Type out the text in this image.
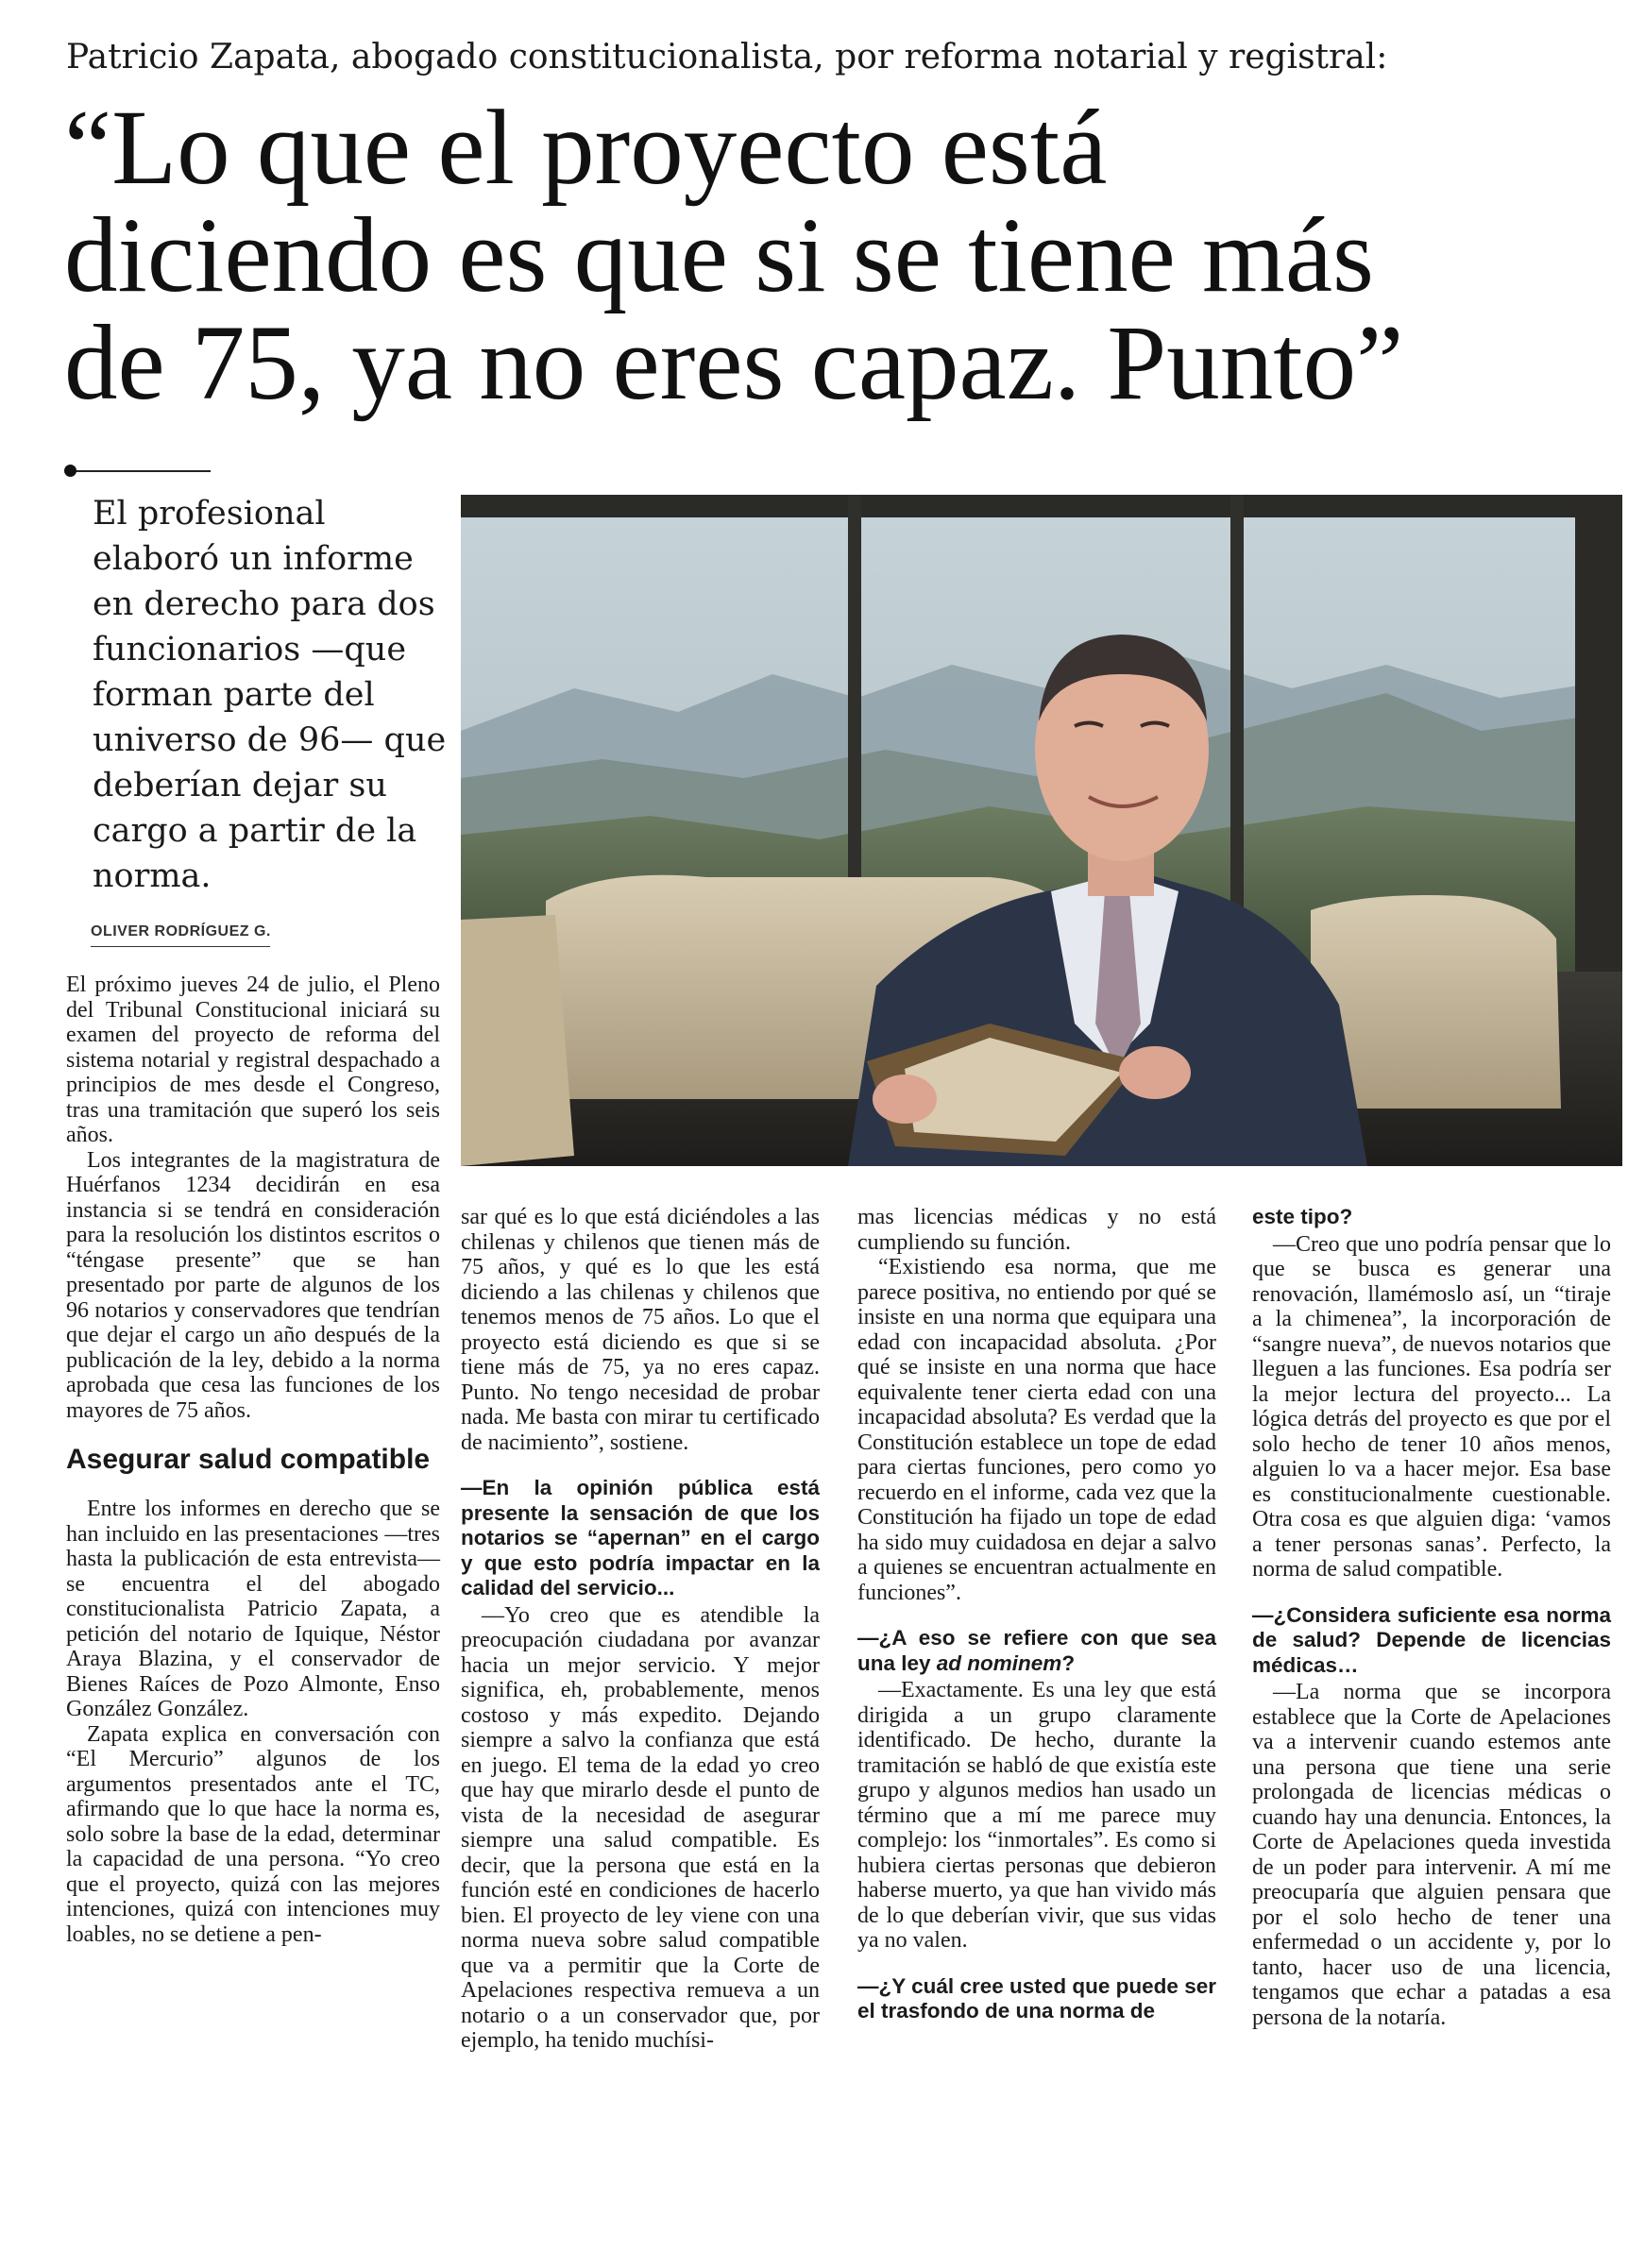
Patricio Zapata, abogado constitucionalista, por reforma notarial y registral:
“Lo que el proyecto está
diciendo es que si se tiene más
de 75, ya no eres capaz. Punto”

El profesional elaboró un informe en derecho para dos funcionarios —que forman parte del universo de 96— que deberían dejar su cargo a partir de la norma.

OLIVER RODRÍGUEZ G.

El próximo jueves 24 de julio, el Pleno del Tribunal Constitucional iniciará su examen del proyecto de reforma del sistema notarial y registral despachado a principios de mes desde el Congreso, tras una tramitación que superó los seis años.

Los integrantes de la magistratura de Huérfanos 1234 decidirán en esa instancia si se tendrá en consideración para la resolución los distintos escritos o “téngase presente” que se han presentado por parte de algunos de los 96 notarios y conservadores que tendrían que dejar el cargo un año después de la publicación de la ley, debido a la norma aprobada que cesa las funciones de los mayores de 75 años.

Asegurar salud compatible

Entre los informes en derecho que se han incluido en las presentaciones —tres hasta la publicación de esta entrevista— se encuentra el del abogado constitucionalista Patricio Zapata, a petición del notario de Iquique, Néstor Araya Blazina, y el conservador de Bienes Raíces de Pozo Almonte, Enso González González.

Zapata explica en conversación con “El Mercurio” algunos de los argumentos presentados ante el TC, afirmando que lo que hace la norma es, solo sobre la base de la edad, determinar la capacidad de una persona. “Yo creo que el proyecto, quizá con las mejores intenciones, quizá con intenciones muy loables, no se detiene a pen-

sar qué es lo que está diciéndoles a las chilenas y chilenos que tienen más de 75 años, y qué es lo que les está diciendo a las chilenas y chilenos que tenemos menos de 75 años. Lo que el proyecto está diciendo es que si se tiene más de 75, ya no eres capaz. Punto. No tengo necesidad de probar nada. Me basta con mirar tu certificado de nacimiento”, sostiene.

—En la opinión pública está presente la sensación de que los notarios se “apernan” en el cargo y que esto podría impactar en la calidad del servicio...

—Yo creo que es atendible la preocupación ciudadana por avanzar hacia un mejor servicio. Y mejor significa, eh, probablemente, menos costoso y más expedito. Dejando siempre a salvo la confianza que está en juego. El tema de la edad yo creo que hay que mirarlo desde el punto de vista de la necesidad de asegurar siempre una salud compatible. Es decir, que la persona que está en la función esté en condiciones de hacerlo bien. El proyecto de ley viene con una norma nueva sobre salud compatible que va a permitir que la Corte de Apelaciones respectiva remueva a un notario o a un conservador que, por ejemplo, ha tenido muchísi-

mas licencias médicas y no está cumpliendo su función.

“Existiendo esa norma, que me parece positiva, no entiendo por qué se insiste en una norma que equipara una edad con incapacidad absoluta. ¿Por qué se insiste en una norma que hace equivalente tener cierta edad con una incapacidad absoluta? Es verdad que la Constitución establece un tope de edad para ciertas funciones, pero como yo recuerdo en el informe, cada vez que la Constitución ha fijado un tope de edad ha sido muy cuidadosa en dejar a salvo a quienes se encuentran actualmente en funciones”.

—¿A eso se refiere con que sea una ley ad nominem?

—Exactamente. Es una ley que está dirigida a un grupo claramente identificado. De hecho, durante la tramitación se habló de que existía este grupo y algunos medios han usado un término que a mí me parece muy complejo: los “inmortales”. Es como si hubiera ciertas personas que debieron haberse muerto, ya que han vivido más de lo que deberían vivir, que sus vidas ya no valen.

—¿Y cuál cree usted que puede ser el trasfondo de una norma de

este tipo?

—Creo que uno podría pensar que lo que se busca es generar una renovación, llamémoslo así, un “tiraje a la chimenea”, la incorporación de “sangre nueva”, de nuevos notarios que lleguen a las funciones. Esa podría ser la mejor lectura del proyecto... La lógica detrás del proyecto es que por el solo hecho de tener 10 años menos, alguien lo va a hacer mejor. Esa base es constitucionalmente cuestionable. Otra cosa es que alguien diga: ‘vamos a tener personas sanas’. Perfecto, la norma de salud compatible.

—¿Considera suficiente esa norma de salud? Depende de licencias médicas…

—La norma que se incorpora establece que la Corte de Apelaciones va a intervenir cuando estemos ante una persona que tiene una serie prolongada de licencias médicas o cuando hay una denuncia. Entonces, la Corte de Apelaciones queda investida de un poder para intervenir. A mí me preocuparía que alguien pensara que por el solo hecho de tener una enfermedad o un accidente y, por lo tanto, hacer uso de una licencia, tengamos que echar a patadas a esa persona de la notaría.
